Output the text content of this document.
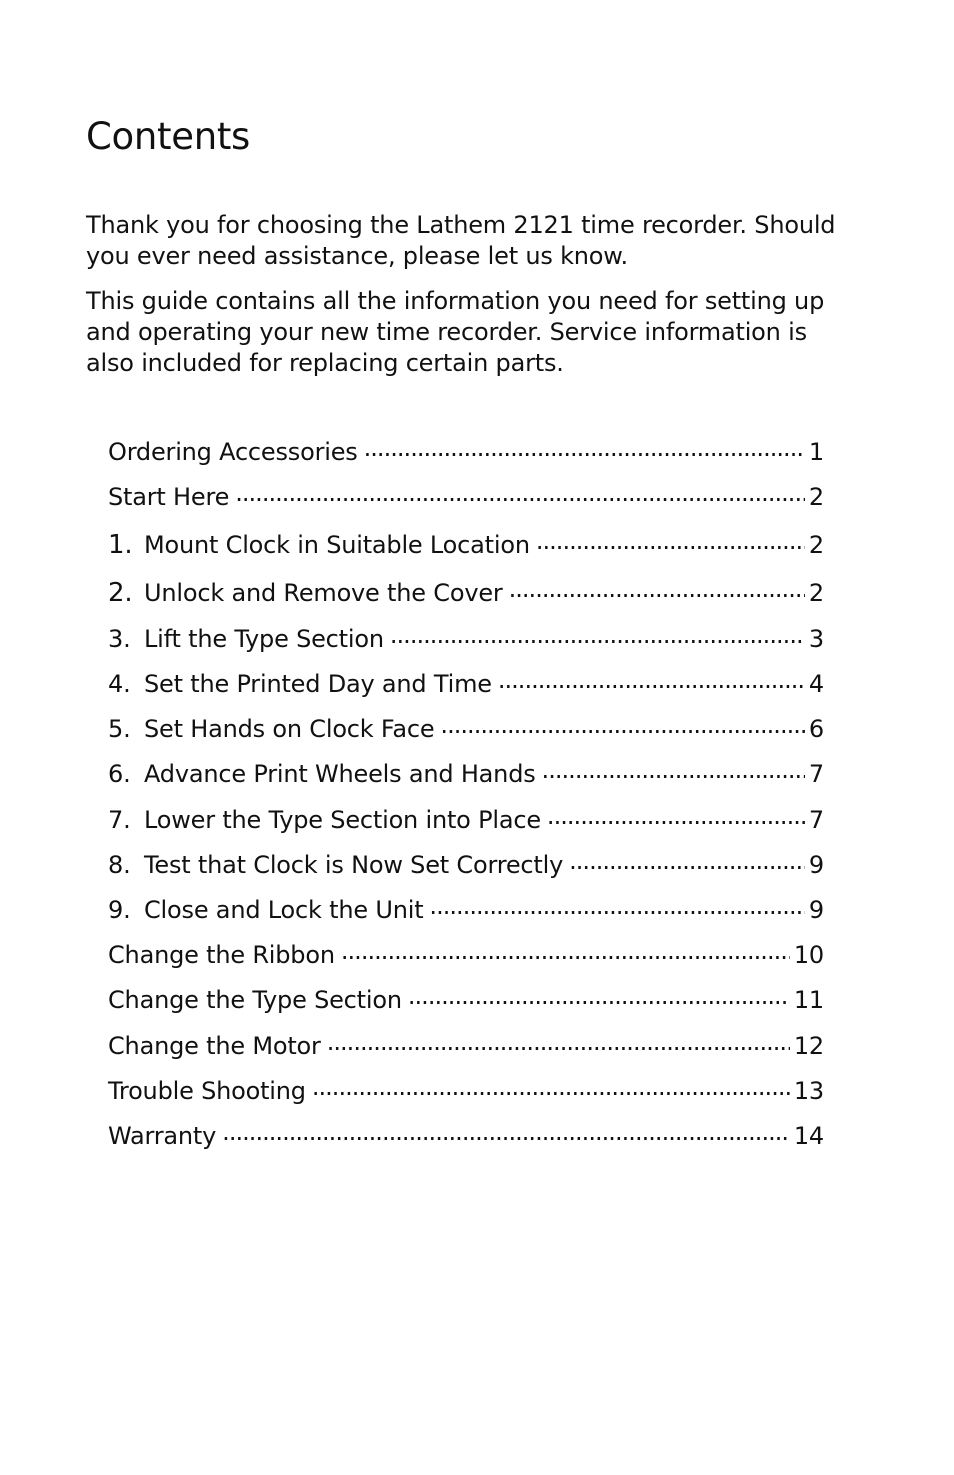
Contents

Thank you for choosing the Lathem 2121 time recorder. Should you ever need assistance, please let us know.

This guide contains all the information you need for setting up and operating your new time recorder. Service information is also included for replacing certain parts.

Ordering Accessories . . .	1
Start Here . . .	2
1. Mount Clock in Suitable Location . . .	2
2. Unlock and Remove the Cover . . .	2
3. Lift the Type Section . . .	3
4. Set the Printed Day and Time . . .	4
5. Set Hands on Clock Face . . .	6
6. Advance Print Wheels and Hands . . .	7
7. Lower the Type Section into Place . . .	7
8. Test that Clock is Now Set Correctly . . .	9
9. Close and Lock the Unit . . .	9
Change the Ribbon . . .	10
Change the Type Section . . .	11
Change the Motor . . .	12
Trouble Shooting . . .	13
Warranty . . .	14
